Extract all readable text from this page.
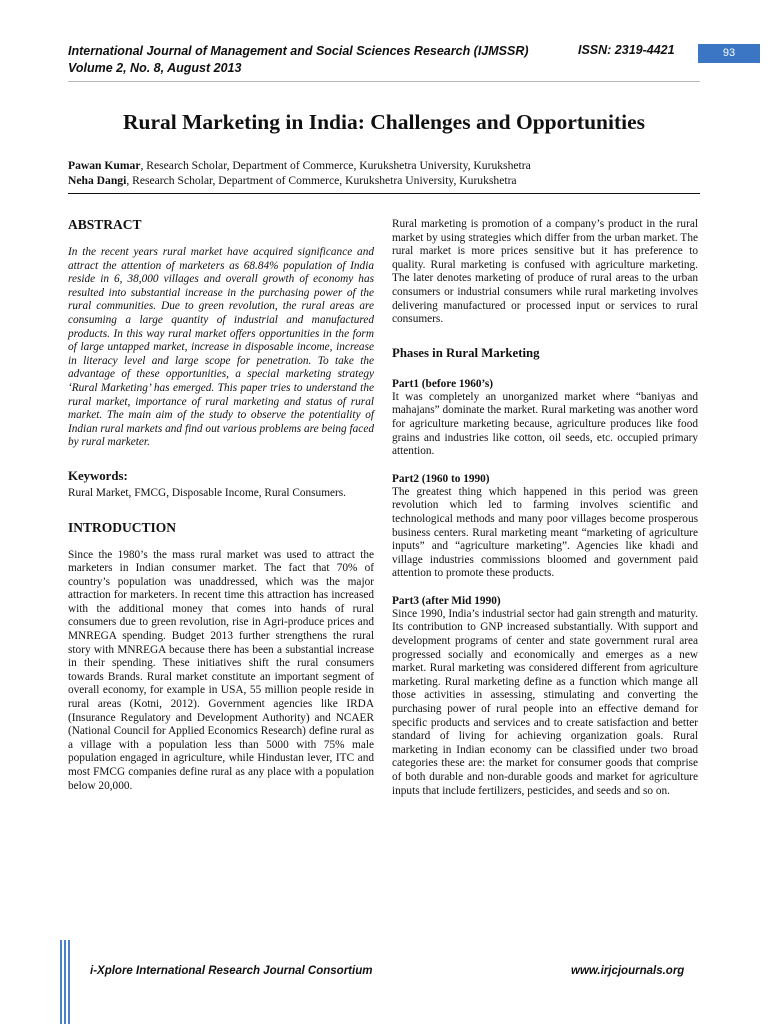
International Journal of Management and Social Sciences Research (IJMSSR)
Volume 2, No. 8, August 2013
ISSN: 2319-4421	93
Rural Marketing in India: Challenges and Opportunities
Pawan Kumar, Research Scholar, Department of Commerce, Kurukshetra University, Kurukshetra
Neha Dangi, Research Scholar, Department of Commerce, Kurukshetra University, Kurukshetra
ABSTRACT

In the recent years rural market have acquired significance and attract the attention of marketers as 68.84% population of India reside in 6, 38,000 villages and overall growth of economy has resulted into substantial increase in the purchasing power of the rural communities. Due to green revolution, the rural areas are consuming a large quantity of industrial and manufactured products. In this way rural market offers opportunities in the form of large untapped market, increase in disposable income, increase in literacy level and large scope for penetration. To take the advantage of these opportunities, a special marketing strategy ‘Rural Marketing’ has emerged. This paper tries to understand the rural market, importance of rural marketing and status of rural market. The main aim of the study to observe the potentiality of Indian rural markets and find out various problems are being faced by rural marketer.

Keywords:

Rural Market, FMCG, Disposable Income, Rural Consumers.

INTRODUCTION

Since the 1980’s the mass rural market was used to attract the marketers in Indian consumer market. The fact that 70% of country’s population was unaddressed, which was the major attraction for marketers. In recent time this attraction has increased with the additional money that comes into hands of rural consumers due to green revolution, rise in Agri-produce prices and MNREGA spending. Budget 2013 further strengthens the rural story with MNREGA because there has been a substantial increase in their spending. These initiatives shift the rural consumers towards Brands. Rural market constitute an important segment of overall economy, for example in USA, 55 million people reside in rural areas (Kotni, 2012). Government agencies like IRDA (Insurance Regulatory and Development Authority) and NCAER (National Council for Applied Economics Research) define rural as a village with a population less than 5000 with 75% male population engaged in agriculture, while Hindustan lever, ITC and most FMCG companies define rural as any place with a population below 20,000.

Rural marketing is promotion of a company’s product in the rural market by using strategies which differ from the urban market. The rural market is more prices sensitive but it has preference to quality. Rural marketing is confused with agriculture marketing. The later denotes marketing of produce of rural areas to the urban consumers or industrial consumers while rural marketing involves delivering manufactured or processed input or services to rural consumers.

Phases in Rural Marketing
Part1 (before 1960’s)

It was completely an unorganized market where “baniyas and mahajans” dominate the market. Rural marketing was another word for agriculture marketing because, agriculture produces like food grains and industries like cotton, oil seeds, etc. occupied primary attention.

Part2 (1960 to 1990)

The greatest thing which happened in this period was green revolution which led to farming involves scientific and technological methods and many poor villages become prosperous business centers. Rural marketing meant “marketing of agriculture inputs” and “agriculture marketing”. Agencies like khadi and village industries commissions bloomed and government paid attention to promote these products.

Part3 (after Mid 1990)

Since 1990, India’s industrial sector had gain strength and maturity. Its contribution to GNP increased substantially. With support and development programs of center and state government rural area progressed socially and economically and emerges as a new market. Rural marketing was considered different from agriculture marketing. Rural marketing define as a function which mange all those activities in assessing, stimulating and converting the purchasing power of rural people into an effective demand for specific products and services and to create satisfaction and better standard of living for achieving organization goals. Rural marketing in Indian economy can be classified under two broad categories these are: the market for consumer goods that comprise of both durable and non-durable goods and market for agriculture inputs that include fertilizers, pesticides, and seeds and so on.

i-Xplore International Research Journal Consortium	www.irjcjournals.org
